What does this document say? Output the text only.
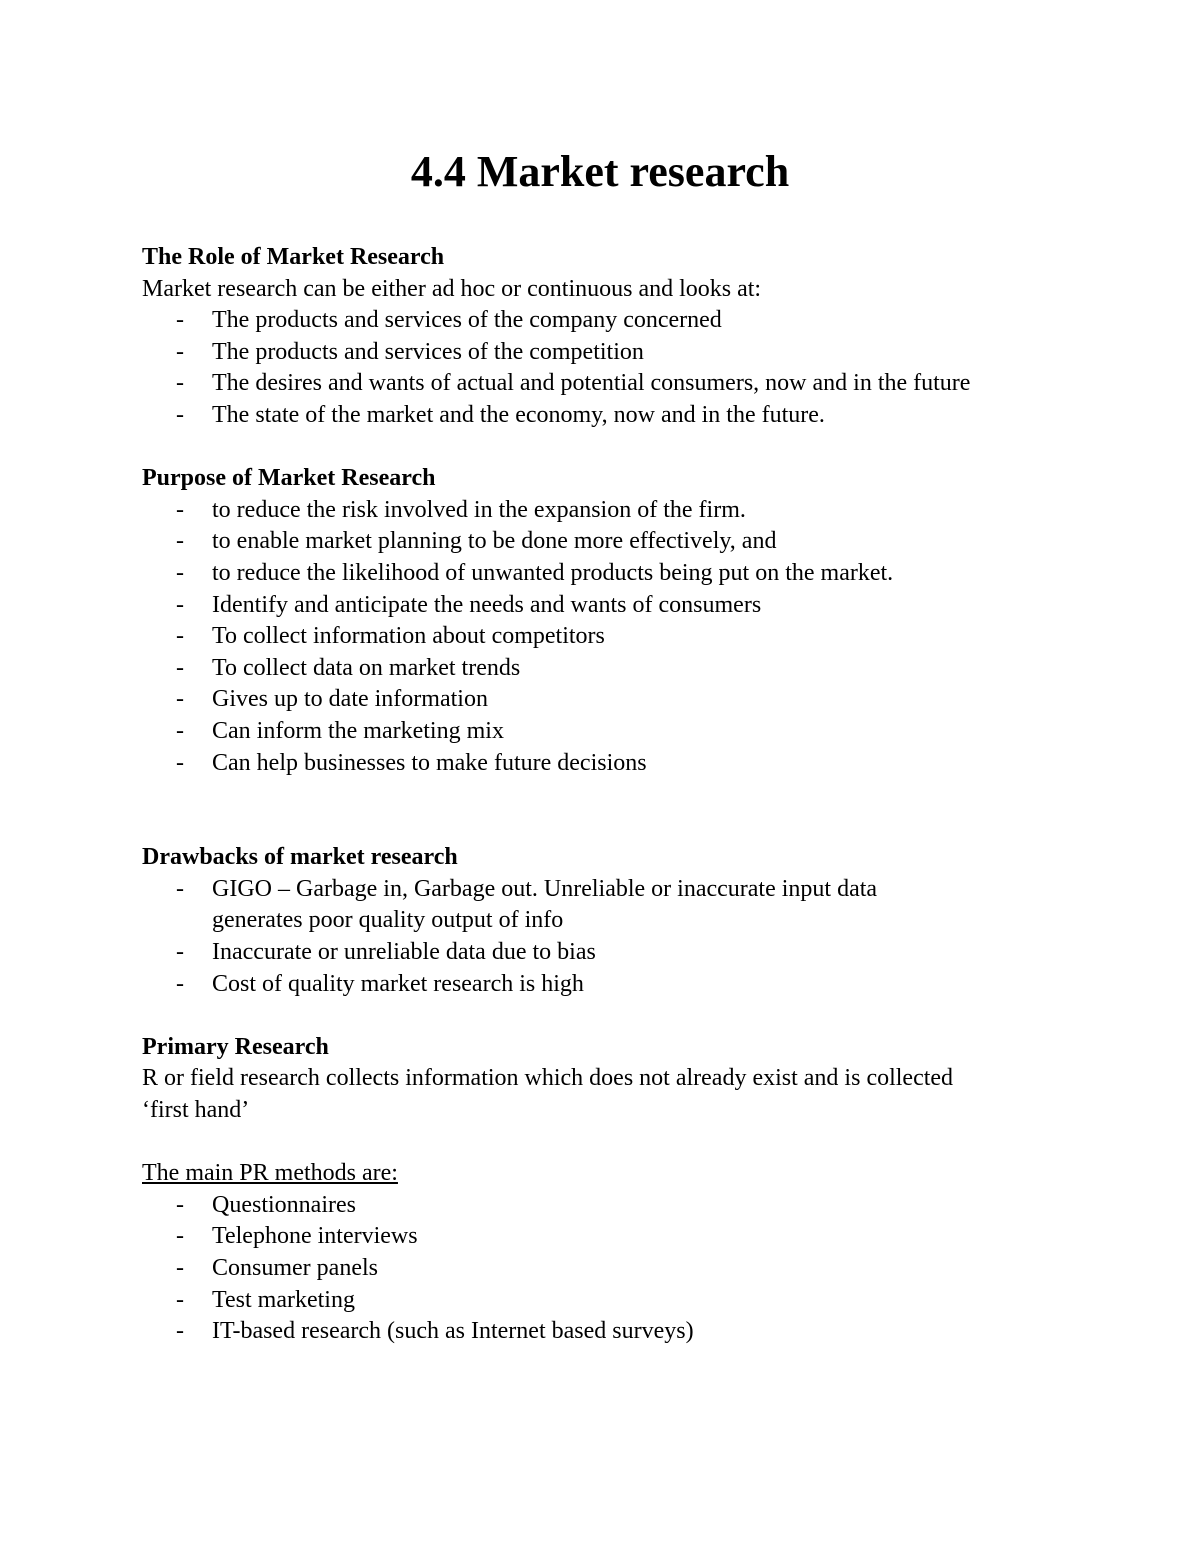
4.4 Market research
The Role of Market Research
Market research can be either ad hoc or continuous and looks at:
- The products and services of the company concerned
- The products and services of the competition
- The desires and wants of actual and potential consumers, now and in the future
- The state of the market and the economy, now and in the future.
Purpose of Market Research
- to reduce the risk involved in the expansion of the firm.
- to enable market planning to be done more effectively, and
- to reduce the likelihood of unwanted products being put on the market.
- Identify and anticipate the needs and wants of consumers
- To collect information about competitors
- To collect data on market trends
- Gives up to date information
- Can inform the marketing mix
- Can help businesses to make future decisions
Drawbacks of market research
- GIGO – Garbage in, Garbage out. Unreliable or inaccurate input data generates poor quality output of info
- Inaccurate or unreliable data due to bias
- Cost of quality market research is high
Primary Research
R or field research collects information which does not already exist and is collected ‘first hand’
The main PR methods are:
- Questionnaires
- Telephone interviews
- Consumer panels
- Test marketing
- IT-based research (such as Internet based surveys)
